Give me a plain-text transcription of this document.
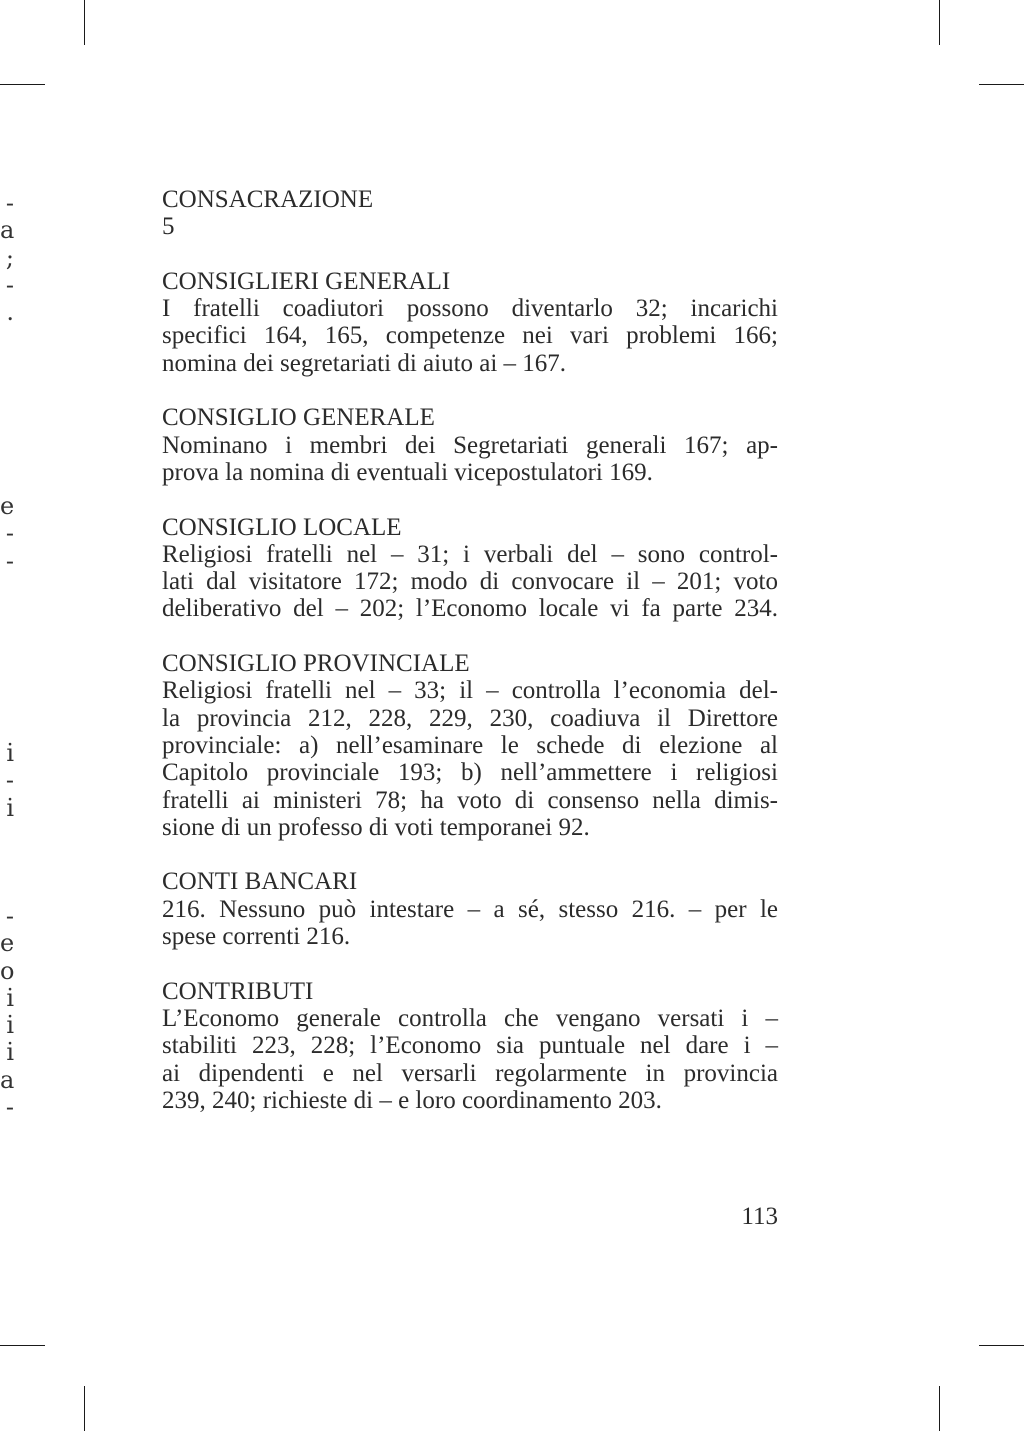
-
a
;
-
.
e
-
-
i
-
i
-
e
o
i
i
i
a
-
CONSACRAZIONE
5
CONSIGLIERI GENERALI
I fratelli coadiutori possono diventarlo 32; incarichi
specifici 164, 165, competenze nei vari problemi 166;
nomina dei segretariati di aiuto ai – 167.
CONSIGLIO GENERALE
Nominano i membri dei Segretariati generali 167; ap-
prova la nomina di eventuali vicepostulatori 169.
CONSIGLIO LOCALE
Religiosi fratelli nel – 31; i verbali del – sono control-
lati dal visitatore 172; modo di convocare il – 201; voto
deliberativo del – 202; l’Economo locale vi fa parte 234.
CONSIGLIO PROVINCIALE
Religiosi fratelli nel – 33; il – controlla l’economia del-
la provincia 212, 228, 229, 230, coadiuva il Direttore
provinciale: a) nell’esaminare le schede di elezione al
Capitolo provinciale 193; b) nell’ammettere i religiosi
fratelli ai ministeri 78; ha voto di consenso nella dimis-
sione di un professo di voti temporanei 92.
CONTI BANCARI
216. Nessuno può intestare – a sé, stesso 216. – per le
spese correnti 216.
CONTRIBUTI
L’Economo generale controlla che vengano versati i –
stabiliti 223, 228; l’Economo sia puntuale nel dare i –
ai dipendenti e nel versarli regolarmente in provincia
239, 240; richieste di – e loro coordinamento 203.
113
